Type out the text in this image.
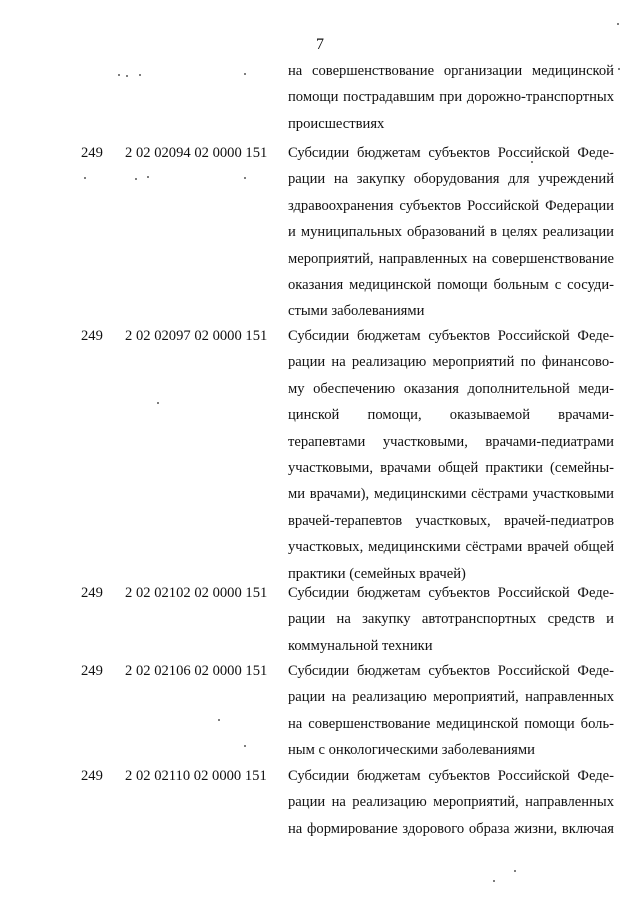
7
на совершенствование организации медицинской
помощи пострадавшим при дорожно-транспортных
происшествиях
249 2 02 02094 02 0000 151 Субсидии бюджетам субъектов Российской Феде-
рации на закупку оборудования для учреждений
здравоохранения субъектов Российской Федерации
и муниципальных образований в целях реализации
мероприятий, направленных на совершенствование
оказания медицинской помощи больным с сосуди-
стыми заболеваниями
249 2 02 02097 02 0000 151 Субсидии бюджетам субъектов Российской Феде-
рации на реализацию мероприятий по финансово-
му обеспечению оказания дополнительной меди-
цинской помощи, оказываемой врачами-
терапевтами участковыми, врачами-педиатрами
участковыми, врачами общей практики (семейны-
ми врачами), медицинскими сёстрами участковыми
врачей-терапевтов участковых, врачей-педиатров
участковых, медицинскими сёстрами врачей общей
практики (семейных врачей)
249 2 02 02102 02 0000 151 Субсидии бюджетам субъектов Российской Феде-
рации на закупку автотранспортных средств и
коммунальной техники
249 2 02 02106 02 0000 151 Субсидии бюджетам субъектов Российской Феде-
рации на реализацию мероприятий, направленных
на совершенствование медицинской помощи боль-
ным с онкологическими заболеваниями
249 2 02 02110 02 0000 151 Субсидии бюджетам субъектов Российской Феде-
рации на реализацию мероприятий, направленных
на формирование здорового образа жизни, включая
